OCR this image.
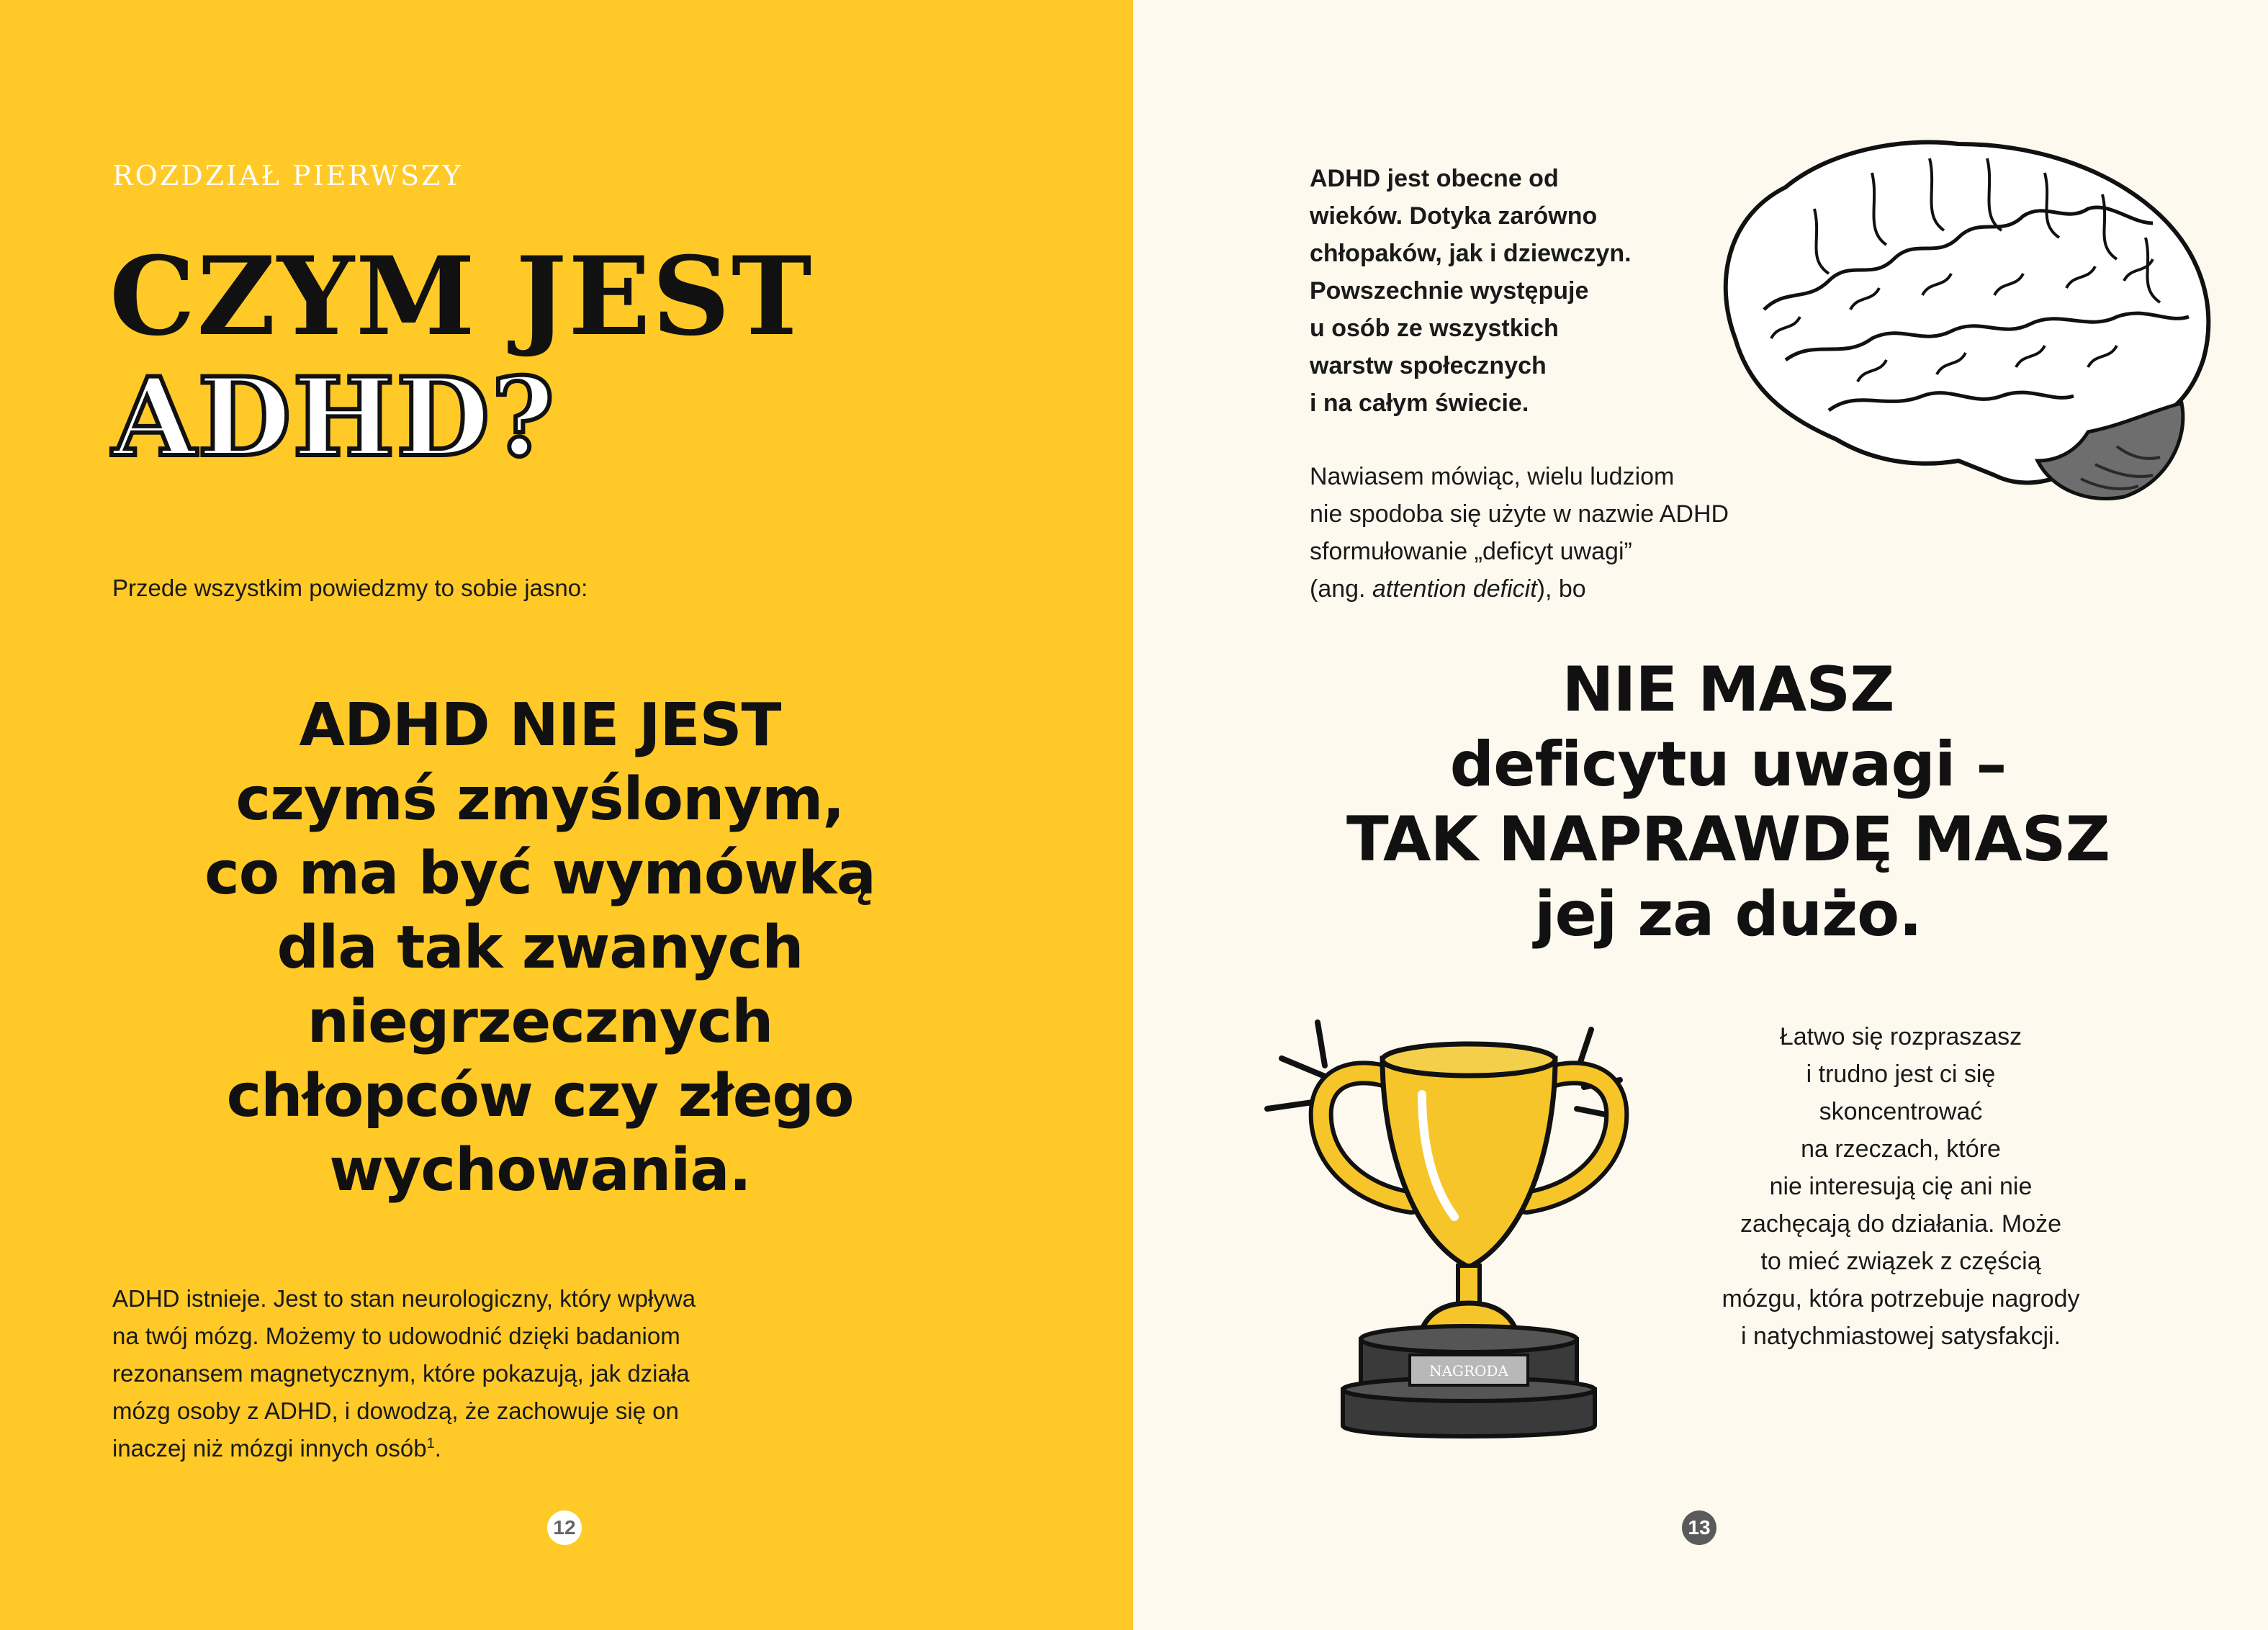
ROZDZIAŁ PIERWSZY
CZYM JEST
ADHD?
Przede wszystkim powiedzmy to sobie jasno:
ADHD NIE JEST
czymś zmyślonym,
co ma być wymówką
dla tak zwanych
niegrzecznych
chłopców czy złego
wychowania.
ADHD istnieje. Jest to stan neurologiczny, który wpływa
na twój mózg. Możemy to udowodnić dzięki badaniom
rezonansem magnetycznym, które pokazują, jak działa
mózg osoby z ADHD, i dowodzą, że zachowuje się on
inaczej niż mózgi innych osób$^1$.
12
ADHD jest obecne od
wieków. Dotyka zarówno
chłopaków, jak i dziewczyn.
Powszechnie występuje
u osób ze wszystkich
warstw społecznych
i na całym świecie.
Nawiasem mówiąc, wielu ludziom
nie spodoba się użyte w nazwie ADHD
sformułowanie „deficyt uwagi”
(ang. attention deficit), bo
NIE MASZ
deficytu uwagi –
TAK NAPRAWDĘ MASZ
jej za dużo.
NAGRODA
Łatwo się rozpraszasz
i trudno jest ci się
skoncentrować
na rzeczach, które
nie interesują cię ani nie
zachęcają do działania. Może
to mieć związek z częścią
mózgu, która potrzebuje nagrody
i natychmiastowej satysfakcji.
13
